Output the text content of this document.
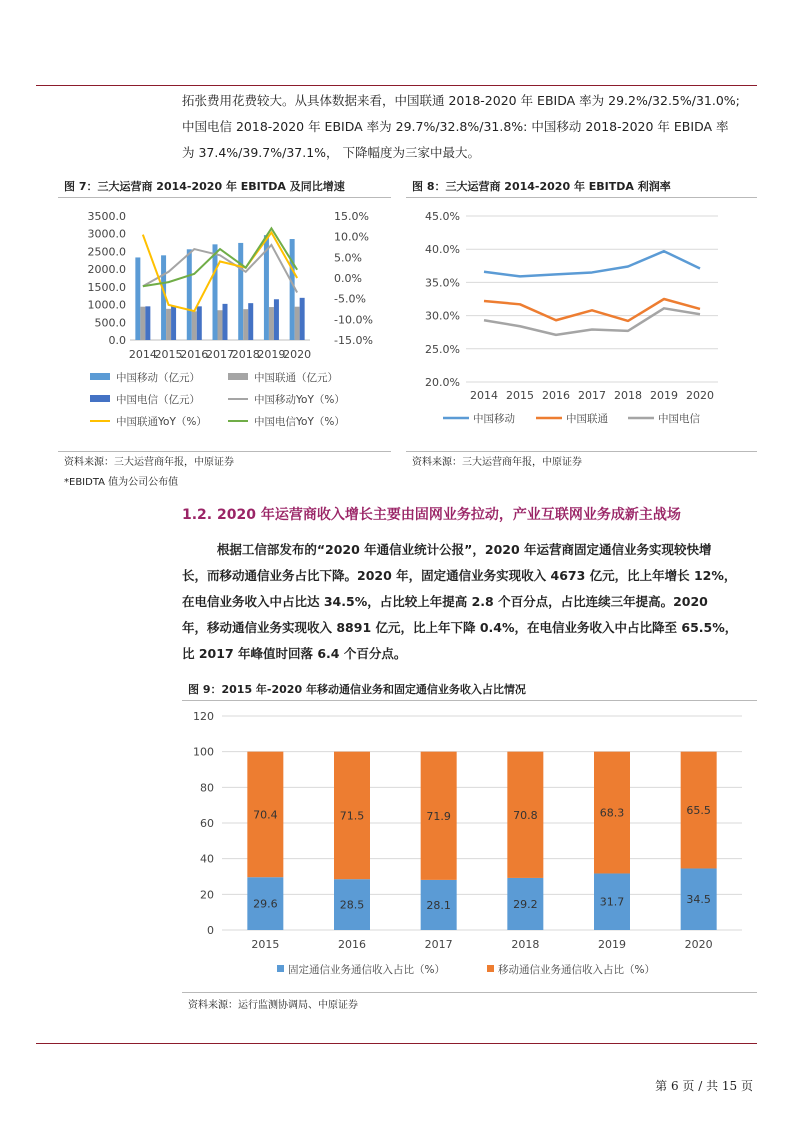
拓张费用花费较大。从具体数据来看，中国联通 2018-2020 年 EBIDA 率为 29.2%/32.5%/31.0%;

中国电信 2018-2020 年 EBIDA 率为 29.7%/32.8%/31.8%: 中国移动 2018-2020 年 EBIDA 率

为 37.4%/39.7%/37.1%， 下降幅度为三家中最大。

图 7：三大运营商 2014-2020 年 EBITDA 及同比增速
3500.0
3000.0
2500.0
2000.0
1500.0
1000.0
500.0
0.0
15.0%
10.0%
5.0%
0.0%
-5.0%
-10.0%
-15.0%
2014
2015
2016
2017
2018
2019
2020
中国移动（亿元）	中国联通（亿元）
中国电信（亿元）	中国移动YoY（%）
中国联通YoY（%）	中国电信YoY（%）
资料来源：三大运营商年报，中原证券
*EBIDTA 值为公司公布值
图 8：三大运营商 2014-2020 年 EBITDA 利润率
45.0%
40.0%
35.0%
30.0%
25.0%
20.0%
2014 2015 2016 2017 2018 2019 2020
中国移动	中国联通	中国电信
资料来源：三大运营商年报，中原证券
1.2. 2020 年运营商收入增长主要由固网业务拉动，产业互联网业务成新主战场

根据工信部发布的“2020 年通信业统计公报”，2020 年运营商固定通信业务实现较快增

长，而移动通信业务占比下降。2020 年，固定通信业务实现收入 4673 亿元，比上年增长 12%，

在电信业务收入中占比达 34.5%，占比较上年提高 2.8 个百分点，占比连续三年提高。2020

年，移动通信业务实现收入 8891 亿元，比上年下降 0.4%，在电信业务收入中占比降至 65.5%，

比 2017 年峰值时回落 6.4 个百分点。

图 9：2015 年-2020 年移动通信业务和固定通信业务收入占比情况
120
100
80
60
40
20
0
29.6
70.4
2015
28.5
71.5
2016
28.1
71.9
2017
29.2
70.8
2018
31.7
68.3
2019
34.5
65.5
2020
固定通信业务通信收入占比（%）	移动通信业务通信收入占比（%）
资料来源：运行监测协调局、中原证券
第 6 页 / 共 15 页
